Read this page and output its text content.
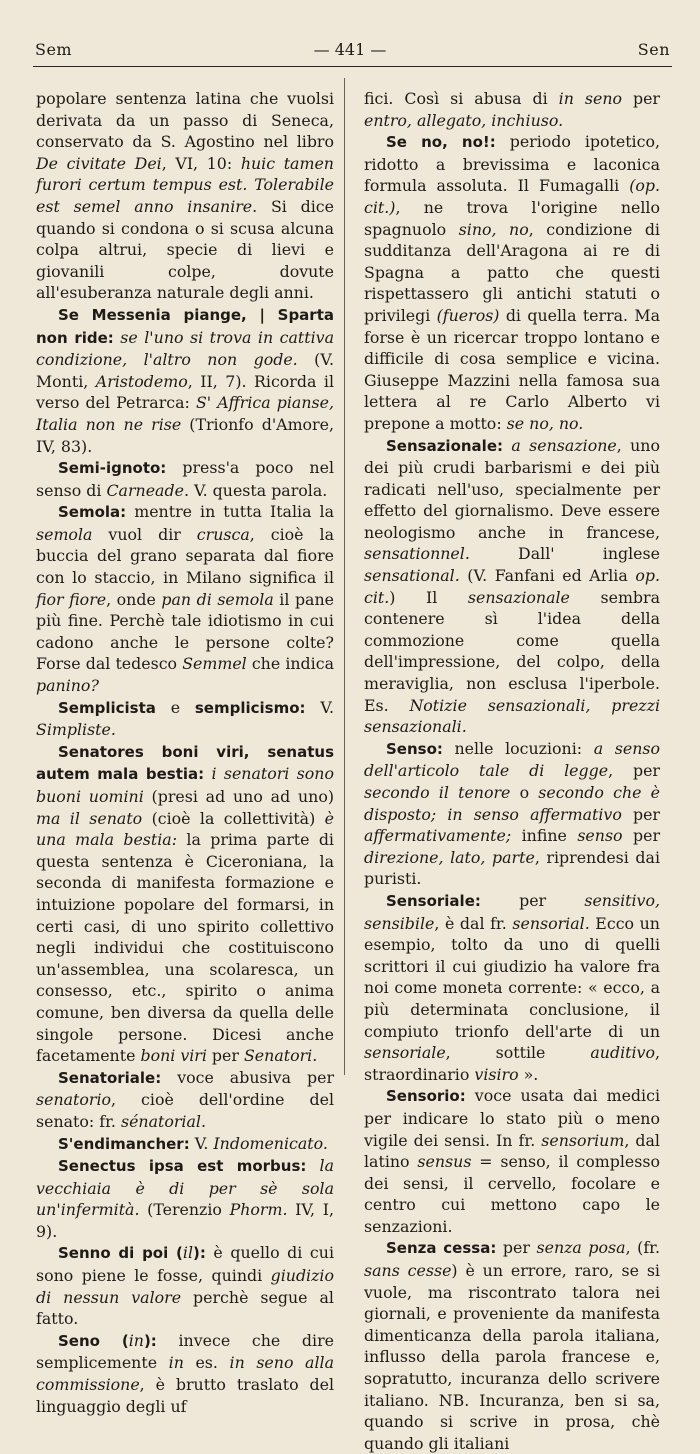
Sem	— 441 —	Sen

popolare sentenza latina che vuolsi derivata da un passo di Seneca, conservato da S. Agostino nel libro De civitate Dei, VI, 10: huic tamen furori certum tempus est. Tolerabile est semel anno insanire. Si dice quando si condona o si scusa alcuna colpa altrui, specie di lievi e giovanili colpe, dovute all'esuberanza naturale degli anni.

Se Messenia piange, | Sparta non ride: se l'uno si trova in cattiva condizione, l'altro non gode. (V. Monti, Aristodemo, II, 7). Ricorda il verso del Petrarca: S' Affrica pianse, Italia non ne rise (Trionfo d'Amore, IV, 83).

Semi-ignoto: press'a poco nel senso di Carneade. V. questa parola.

Semola: mentre in tutta Italia la semola vuol dir crusca, cioè la buccia del grano separata dal fiore con lo staccio, in Milano significa il fior fiore, onde pan di semola il pane più fine. Perchè tale idiotismo in cui cadono anche le persone colte? Forse dal tedesco Semmel che indica panino?

Semplicista e semplicismo: V. Simpliste.

Senatores boni viri, senatus autem mala bestia: i senatori sono buoni uomini (presi ad uno ad uno) ma il senato (cioè la collettività) è una mala bestia: la prima parte di questa sentenza è Ciceroniana, la seconda di manifesta formazione e intuizione popolare del formarsi, in certi casi, di uno spirito collettivo negli individui che costituiscono un'assemblea, una scolaresca, un consesso, etc., spirito o anima comune, ben diversa da quella delle singole persone. Dicesi anche facetamente boni viri per Senatori.

Senatoriale: voce abusiva per senatorio, cioè dell'ordine del senato: fr. sénatorial.

S'endimancher: V. Indomenicato.

Senectus ipsa est morbus: la vecchiaia è di per sè sola un'infermità. (Terenzio Phorm. IV, I, 9).

Senno di poi (il): è quello di cui sono piene le fosse, quindi giudizio di nessun valore perchè segue al fatto.

Seno (in): invece che dire semplicemente in es. in seno alla commissione, è brutto traslato del linguaggio degli uf

fici. Così si abusa di in seno per entro, allegato, inchiuso.

Se no, no!: periodo ipotetico, ridotto a brevissima e laconica formula assoluta. Il Fumagalli (op. cit.), ne trova l'origine nello spagnuolo sino, no, condizione di sudditanza dell'Aragona ai re di Spagna a patto che questi rispettassero gli antichi statuti o privilegi (fueros) di quella terra. Ma forse è un ricercar troppo lontano e difficile di cosa semplice e vicina. Giuseppe Mazzini nella famosa sua lettera al re Carlo Alberto vi prepone a motto: se no, no.

Sensazionale: a sensazione, uno dei più crudi barbarismi e dei più radicati nell'uso, specialmente per effetto del giornalismo. Deve essere neologismo anche in francese, sensationnel. Dall' inglese sensational. (V. Fanfani ed Arlia op. cit.) Il sensazionale sembra contenere sì l'idea della commozione come quella dell'impressione, del colpo, della meraviglia, non esclusa l'iperbole. Es. Notizie sensazionali, prezzi sensazionali.

Senso: nelle locuzioni: a senso dell'articolo tale di legge, per secondo il tenore o secondo che è disposto; in senso affermativo per affermativamente; infine senso per direzione, lato, parte, riprendesi dai puristi.

Sensoriale: per sensitivo, sensibile, è dal fr. sensorial. Ecco un esempio, tolto da uno di quelli scrittori il cui giudizio ha valore fra noi come moneta corrente: « ecco, a più determinata conclusione, il compiuto trionfo dell'arte di un sensoriale, sottile auditivo, straordinario visiro ».

Sensorio: voce usata dai medici per indicare lo stato più o meno vigile dei sensi. In fr. sensorium, dal latino sensus = senso, il complesso dei sensi, il cervello, focolare e centro cui mettono capo le senzazioni.

Senza cessa: per senza posa, (fr. sans cesse) è un errore, raro, se si vuole, ma riscontrato talora nei giornali, e proveniente da manifesta dimenticanza della parola italiana, influsso della parola francese e, sopratutto, incuranza dello scrivere italiano. NB. Incuranza, ben si sa, quando si scrive in prosa, chè quando gli italiani
